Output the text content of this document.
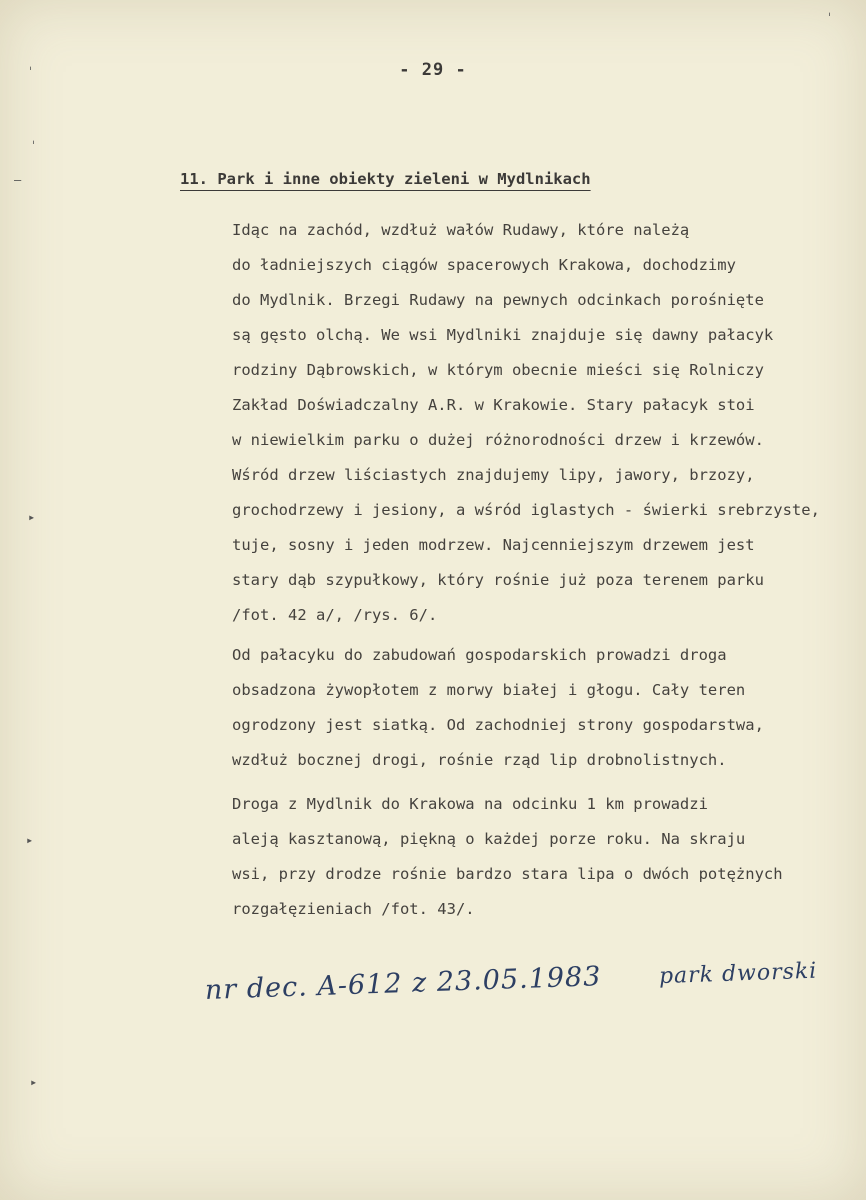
ˈ
ˈ
—
▸
▸
▸
ˈ
- 29 -
11. Park i inne obiekty zieleni w Mydlnikach

Idąc na zachód, wzdłuż wałów Rudawy, które należą
do ładniejszych ciągów spacerowych Krakowa, dochodzimy
do Mydlnik. Brzegi Rudawy na pewnych odcinkach porośnięte
są gęsto olchą. We wsi Mydlniki znajduje się dawny pałacyk
rodziny Dąbrowskich, w którym obecnie mieści się Rolniczy
Zakład Doświadczalny A.R. w Krakowie. Stary pałacyk stoi
w niewielkim parku o dużej różnorodności drzew i krzewów.
Wśród drzew liściastych znajdujemy lipy, jawory, brzozy,
grochodrzewy i jesiony, a wśród iglastych - świerki srebrzyste,
tuje, sosny i jeden modrzew. Najcenniejszym drzewem jest
stary dąb szypułkowy, który rośnie już poza terenem parku
/fot. 42 a/, /rys. 6/.

Od pałacyku do zabudowań gospodarskich prowadzi droga
obsadzona żywopłotem z morwy białej i głogu. Cały teren
ogrodzony jest siatką. Od zachodniej strony gospodarstwa,
wzdłuż bocznej drogi, rośnie rząd lip drobnolistnych.

Droga z Mydlnik do Krakowa na odcinku 1 km prowadzi
aleją kasztanową, piękną o każdej porze roku. Na skraju
wsi, przy drodze rośnie bardzo stara lipa o dwóch potężnych
rozgałęzieniach /fot. 43/.

nr dec. A-612 z 23.05.1983	park dworski
